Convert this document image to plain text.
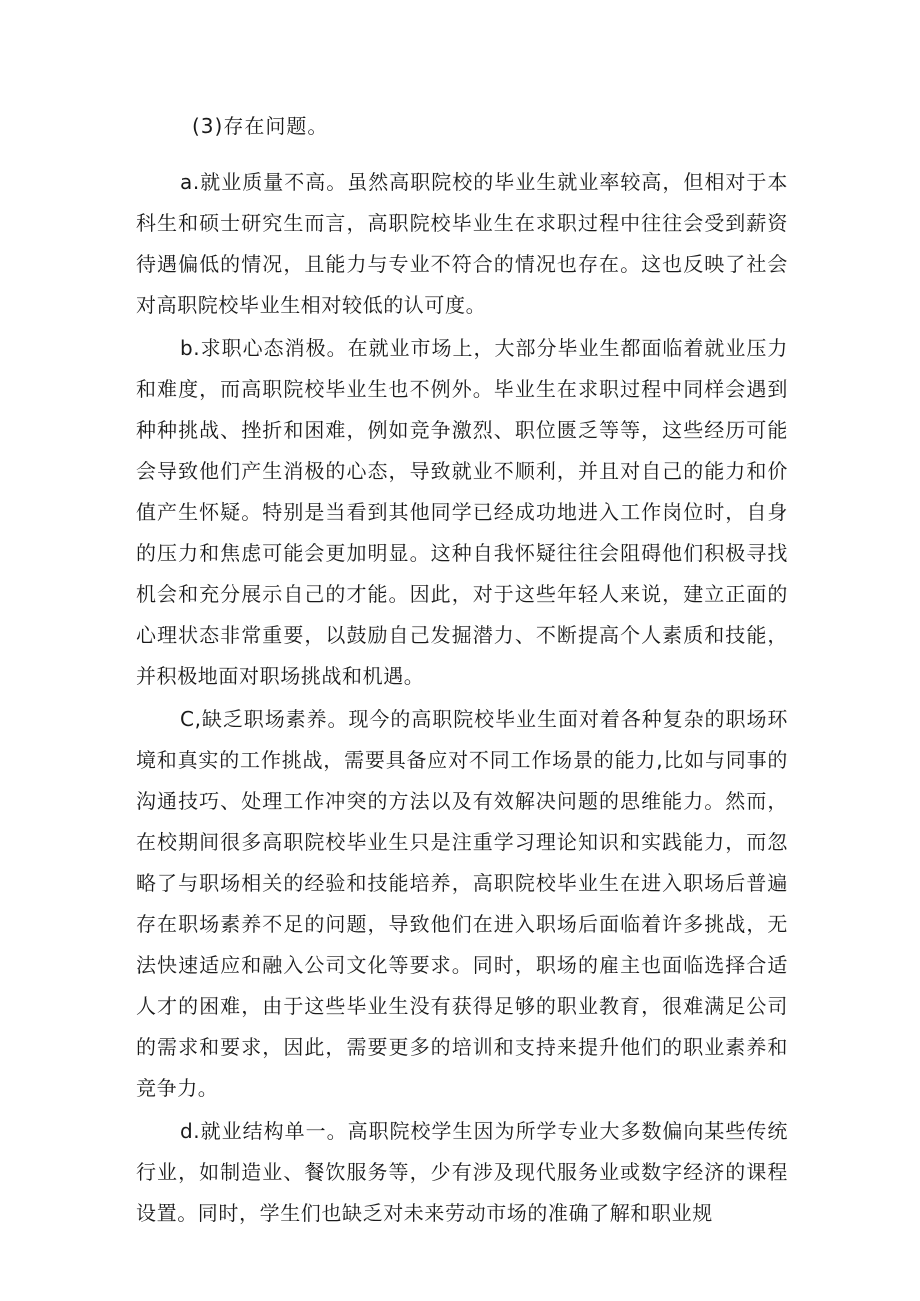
(3)存在问题。

a.就业质量不高。虽然高职院校的毕业生就业率较高，但相对于本科生和硕士研究生而言，高职院校毕业生在求职过程中往往会受到薪资待遇偏低的情况，且能力与专业不符合的情况也存在。这也反映了社会对高职院校毕业生相对较低的认可度。

b.求职心态消极。在就业市场上，大部分毕业生都面临着就业压力和难度，而高职院校毕业生也不例外。毕业生在求职过程中同样会遇到种种挑战、挫折和困难，例如竞争激烈、职位匮乏等等，这些经历可能会导致他们产生消极的心态，导致就业不顺利，并且对自己的能力和价值产生怀疑。特别是当看到其他同学已经成功地进入工作岗位时，自身的压力和焦虑可能会更加明显。这种自我怀疑往往会阻碍他们积极寻找机会和充分展示自己的才能。因此，对于这些年轻人来说，建立正面的心理状态非常重要，以鼓励自己发掘潜力、不断提高个人素质和技能，并积极地面对职场挑战和机遇。

C,缺乏职场素养。现今的高职院校毕业生面对着各种复杂的职场环境和真实的工作挑战，需要具备应对不同工作场景的能力,比如与同事的沟通技巧、处理工作冲突的方法以及有效解决问题的思维能力。然而，在校期间很多高职院校毕业生只是注重学习理论知识和实践能力，而忽略了与职场相关的经验和技能培养，高职院校毕业生在进入职场后普遍存在职场素养不足的问题，导致他们在进入职场后面临着许多挑战，无法快速适应和融入公司文化等要求。同时，职场的雇主也面临选择合适人才的困难，由于这些毕业生没有获得足够的职业教育，很难满足公司的需求和要求，因此，需要更多的培训和支持来提升他们的职业素养和竞争力。

d.就业结构单一。高职院校学生因为所学专业大多数偏向某些传统行业，如制造业、餐饮服务等，少有涉及现代服务业或数字经济的课程设置。同时，学生们也缺乏对未来劳动市场的准确了解和职业规
